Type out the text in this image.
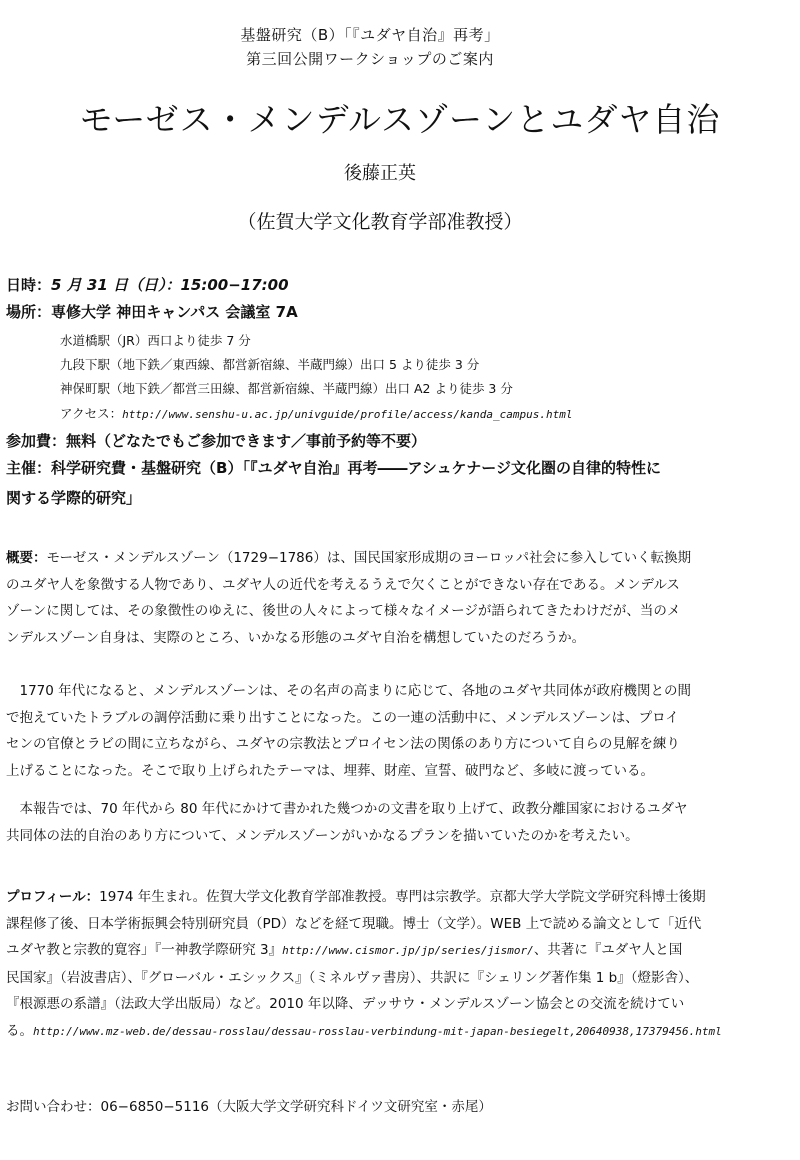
基盤研究（B）「『ユダヤ自治』再考」
第三回公開ワークショップのご案内
モーゼス・メンデルスゾーンとユダヤ自治
後藤正英
（佐賀大学文化教育学部准教授）
日時：5 月 31 日（日）：15:00−17:00
場所：専修大学 神田キャンパス 会議室 7A
水道橋駅（JR）西口より徒歩 7 分
九段下駅（地下鉄／東西線、都営新宿線、半蔵門線）出口 5 より徒歩 3 分
神保町駅（地下鉄／都営三田線、都営新宿線、半蔵門線）出口 A2 より徒歩 3 分
アクセス：http://www.senshu-u.ac.jp/univguide/profile/access/kanda_campus.html
参加費：無料（どなたでもご参加できます／事前予約等不要）
主催：科学研究費・基盤研究（B）「『ユダヤ自治』再考――アシュケナージ文化圏の自律的特性に
関する学際的研究」
概要：モーゼス・メンデルスゾーン（1729−1786）は、国民国家形成期のヨーロッパ社会に参入していく転換期
のユダヤ人を象徴する人物であり、ユダヤ人の近代を考えるうえで欠くことができない存在である。メンデルス
ゾーンに関しては、その象徴性のゆえに、後世の人々によって様々なイメージが語られてきたわけだが、当のメ
ンデルスゾーン自身は、実際のところ、いかなる形態のユダヤ自治を構想していたのだろうか。
1770 年代になると、メンデルスゾーンは、その名声の高まりに応じて、各地のユダヤ共同体が政府機関との間
で抱えていたトラブルの調停活動に乗り出すことになった。この一連の活動中に、メンデルスゾーンは、プロイ
センの官僚とラビの間に立ちながら、ユダヤの宗教法とプロイセン法の関係のあり方について自らの見解を練り
上げることになった。そこで取り上げられたテーマは、埋葬、財産、宣誓、破門など、多岐に渡っている。
本報告では、70 年代から 80 年代にかけて書かれた幾つかの文書を取り上げて、政教分離国家におけるユダヤ
共同体の法的自治のあり方について、メンデルスゾーンがいかなるプランを描いていたのかを考えたい。
プロフィール：1974 年生まれ。佐賀大学文化教育学部准教授。専門は宗教学。京都大学大学院文学研究科博士後期
課程修了後、日本学術振興会特別研究員（PD）などを経て現職。博士（文学）。WEB 上で読める論文として「近代
ユダヤ教と宗教的寛容」『一神教学際研究 3』http://www.cismor.jp/jp/series/jismor/、共著に『ユダヤ人と国
民国家』（岩波書店）、『グローバル・エシックス』（ミネルヴァ書房）、共訳に『シェリング著作集 1 b』（燈影舎）、
『根源悪の系譜』（法政大学出版局）など。2010 年以降、デッサウ・メンデルスゾーン協会との交流を続けてい
る。http://www.mz-web.de/dessau-rosslau/dessau-rosslau-verbindung-mit-japan-besiegelt,20640938,17379456.html
お問い合わせ：06−6850−5116（大阪大学文学研究科ドイツ文研究室・赤尾）
